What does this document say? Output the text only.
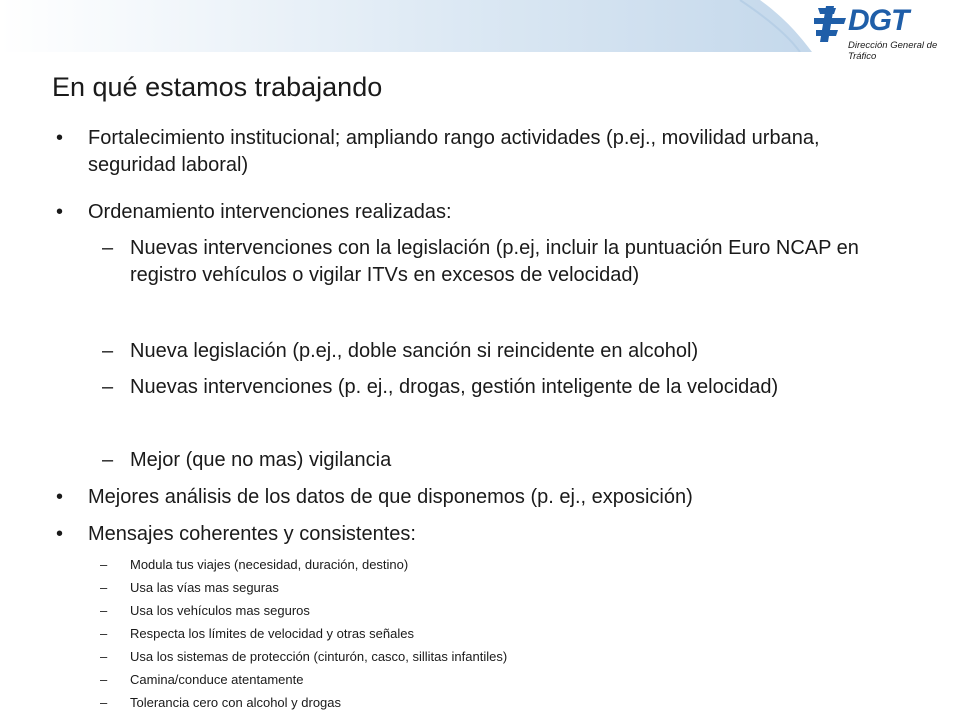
DGT
Dirección General de Tráfico
En qué estamos trabajando
• Fortalecimiento institucional; ampliando rango actividades (p.ej., movilidad urbana, seguridad laboral)
• Ordenamiento intervenciones realizadas:
– Nuevas intervenciones con la legislación (p.ej, incluir la puntuación Euro NCAP en registro vehículos o vigilar ITVs en excesos de velocidad)
– Nueva legislación (p.ej., doble sanción si reincidente en alcohol)
– Nuevas intervenciones (p. ej., drogas, gestión inteligente de la velocidad)
– Mejor (que no mas) vigilancia
• Mejores análisis de los datos de que disponemos (p. ej., exposición)
• Mensajes coherentes y consistentes:
– Modula tus viajes (necesidad, duración, destino)
– Usa las vías mas seguras
– Usa los vehículos mas seguros
– Respecta los límites de velocidad y otras señales
– Usa los sistemas de protección (cinturón, casco, sillitas infantiles)
– Camina/conduce atentamente
– Tolerancia cero con alcohol y drogas
